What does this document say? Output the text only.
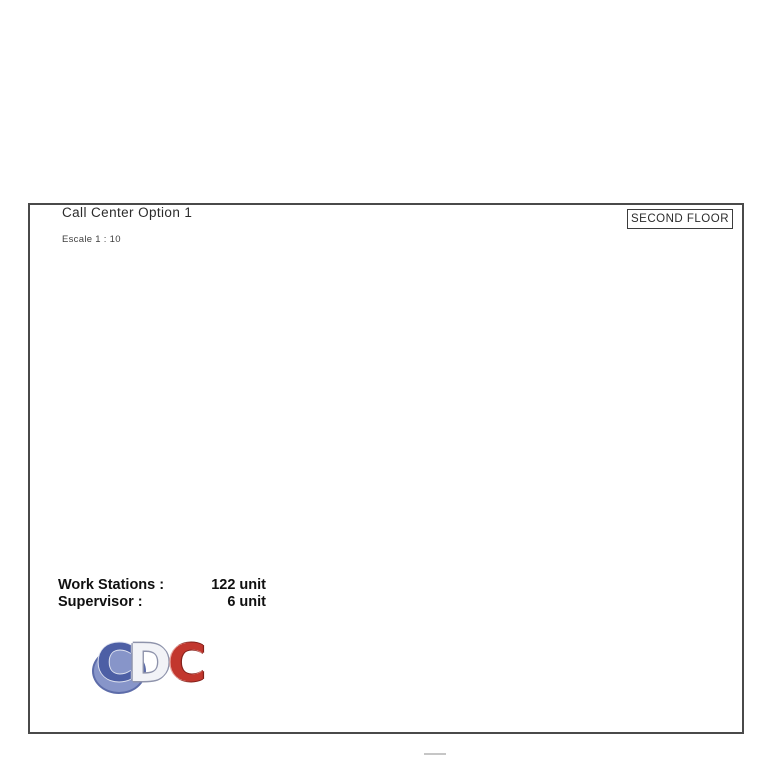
Call Center Option 1
Escale 1 : 10
SECOND FLOOR
Work Stations :	122 unit
Supervisor :	6 unit
C
D
C
